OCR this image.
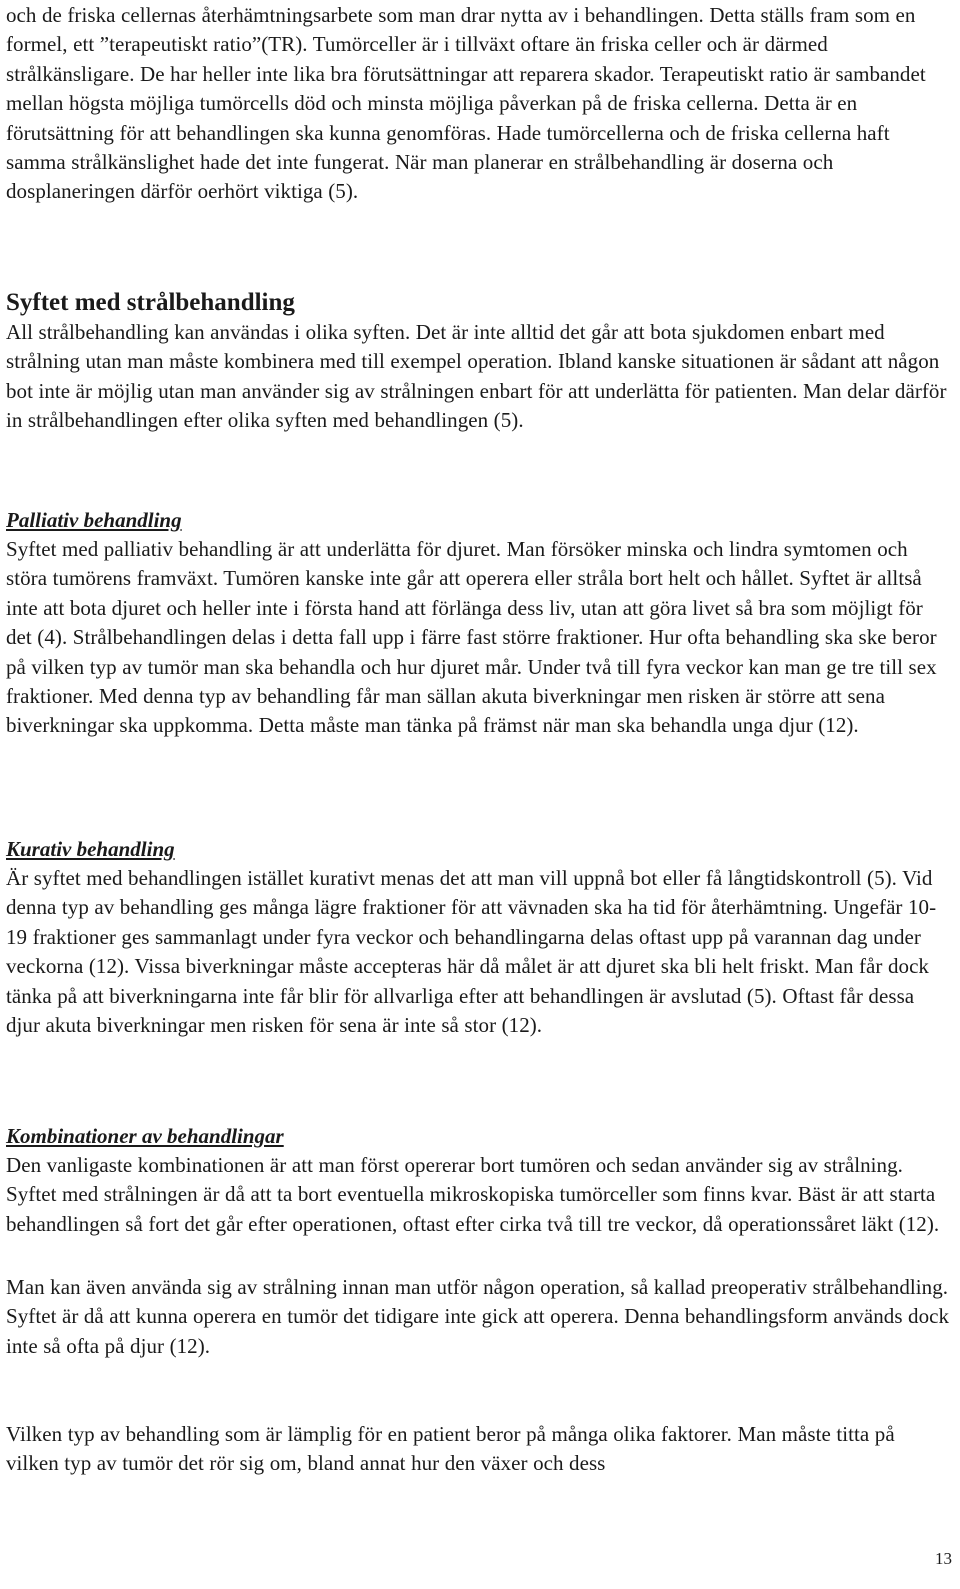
och de friska cellernas återhämtningsarbete som man drar nytta av i behandlingen. Detta ställs fram som en formel, ett ”terapeutiskt ratio”(TR). Tumörceller är i tillväxt oftare än friska celler och är därmed strålkänsligare. De har heller inte lika bra förutsättningar att reparera skador. Terapeutiskt ratio är sambandet mellan högsta möjliga tumörcells död och minsta möjliga påverkan på de friska cellerna. Detta är en förutsättning för att behandlingen ska kunna genomföras. Hade tumörcellerna och de friska cellerna haft samma strålkänslighet hade det inte fungerat. När man planerar en strålbehandling är doserna och dosplaneringen därför oerhört viktiga (5).

Syftet med strålbehandling

All strålbehandling kan användas i olika syften. Det är inte alltid det går att bota sjukdomen enbart med strålning utan man måste kombinera med till exempel operation. Ibland kanske situationen är sådant att någon bot inte är möjlig utan man använder sig av strålningen enbart för att underlätta för patienten. Man delar därför in strålbehandlingen efter olika syften med behandlingen (5).

Palliativ behandling

Syftet med palliativ behandling är att underlätta för djuret. Man försöker minska och lindra symtomen och störa tumörens framväxt. Tumören kanske inte går att operera eller stråla bort helt och hållet. Syftet är alltså inte att bota djuret och heller inte i första hand att förlänga dess liv, utan att göra livet så bra som möjligt för det (4). Strålbehandlingen delas i detta fall upp i färre fast större fraktioner. Hur ofta behandling ska ske beror på vilken typ av tumör man ska behandla och hur djuret mår. Under två till fyra veckor kan man ge tre till sex fraktioner. Med denna typ av behandling får man sällan akuta biverkningar men risken är större att sena biverkningar ska uppkomma. Detta måste man tänka på främst när man ska behandla unga djur (12).

Kurativ behandling

Är syftet med behandlingen istället kurativt menas det att man vill uppnå bot eller få långtidskontroll (5). Vid denna typ av behandling ges många lägre fraktioner för att vävnaden ska ha tid för återhämtning. Ungefär 10-19 fraktioner ges sammanlagt under fyra veckor och behandlingarna delas oftast upp på varannan dag under veckorna (12). Vissa biverkningar måste accepteras här då målet är att djuret ska bli helt friskt. Man får dock tänka på att biverkningarna inte får blir för allvarliga efter att behandlingen är avslutad (5). Oftast får dessa djur akuta biverkningar men risken för sena är inte så stor (12).

Kombinationer av behandlingar

Den vanligaste kombinationen är att man först opererar bort tumören och sedan använder sig av strålning. Syftet med strålningen är då att ta bort eventuella mikroskopiska tumörceller som finns kvar. Bäst är att starta behandlingen så fort det går efter operationen, oftast efter cirka två till tre veckor, då operationssåret läkt (12).

Man kan även använda sig av strålning innan man utför någon operation, så kallad preoperativ strålbehandling. Syftet är då att kunna operera en tumör det tidigare inte gick att operera. Denna behandlingsform används dock inte så ofta på djur (12).

Vilken typ av behandling som är lämplig för en patient beror på många olika faktorer. Man måste titta på vilken typ av tumör det rör sig om, bland annat hur den växer och dess

13
